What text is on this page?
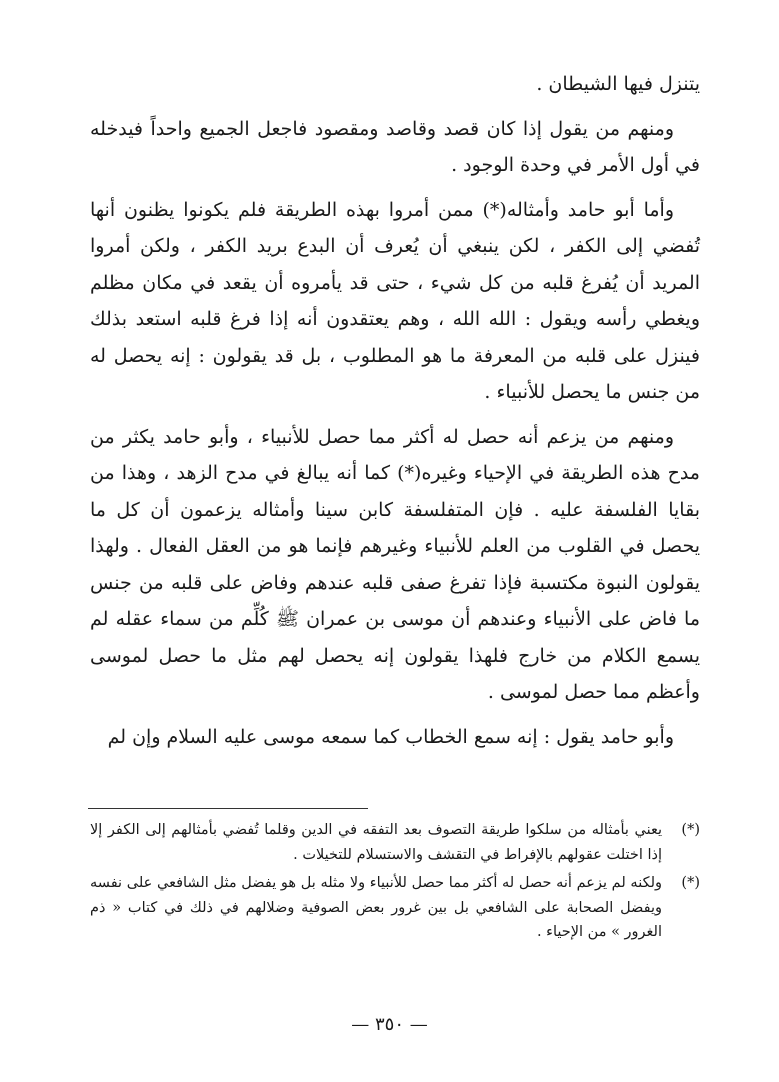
يتنزل فيها الشيطان .

ومنهم من يقول إذا كان قصد وقاصد ومقصود فاجعل الجميع واحداً فيدخله في أول الأمر في وحدة الوجود .

وأما أبو حامد وأمثاله(*) ممن أمروا بهذه الطريقة فلم يكونوا يظنون أنها تُفضي إلى الكفر ، لكن ينبغي أن يُعرف أن البدع بريد الكفر ، ولكن أمروا المريد أن يُفرغ قلبه من كل شيء ، حتى قد يأمروه أن يقعد في مكان مظلم ويغطي رأسه ويقول : الله الله ، وهم يعتقدون أنه إذا فرغ قلبه استعد بذلك فينزل على قلبه من المعرفة ما هو المطلوب ، بل قد يقولون : إنه يحصل له من جنس ما يحصل للأنبياء .

ومنهم من يزعم أنه حصل له أكثر مما حصل للأنبياء ، وأبو حامد يكثر من مدح هذه الطريقة في الإحياء وغيره(*) كما أنه يبالغ في مدح الزهد ، وهذا من بقايا الفلسفة عليه . فإن المتفلسفة كابن سينا وأمثاله يزعمون أن كل ما يحصل في القلوب من العلم للأنبياء وغيرهم فإنما هو من العقل الفعال . ولهذا يقولون النبوة مكتسبة فإذا تفرغ صفى قلبه عندهم وفاض على قلبه من جنس ما فاض على الأنبياء وعندهم أن موسى بن عمران ﷺ كُلِّم من سماء عقله لم يسمع الكلام من خارج فلهذا يقولون إنه يحصل لهم مثل ما حصل لموسى وأعظم مما حصل لموسى .

وأبو حامد يقول : إنه سمع الخطاب كما سمعه موسى عليه السلام وإن لم

(*)
يعني بأمثاله من سلكوا طريقة التصوف بعد التفقه في الدين وقلما تُفضي بأمثالهم إلى الكفر إلا إذا اختلت عقولهم بالإفراط في التقشف والاستسلام للتخيلات .
(*)
ولكنه لم يزعم أنه حصل له أكثر مما حصل للأنبياء ولا مثله بل هو يفضل مثل الشافعي على نفسه ويفضل الصحابة على الشافعي بل بين غرور بعض الصوفية وضلالهم في ذلك في كتاب « ذم الغرور » من الإحياء .
— ٣٥٠ —
